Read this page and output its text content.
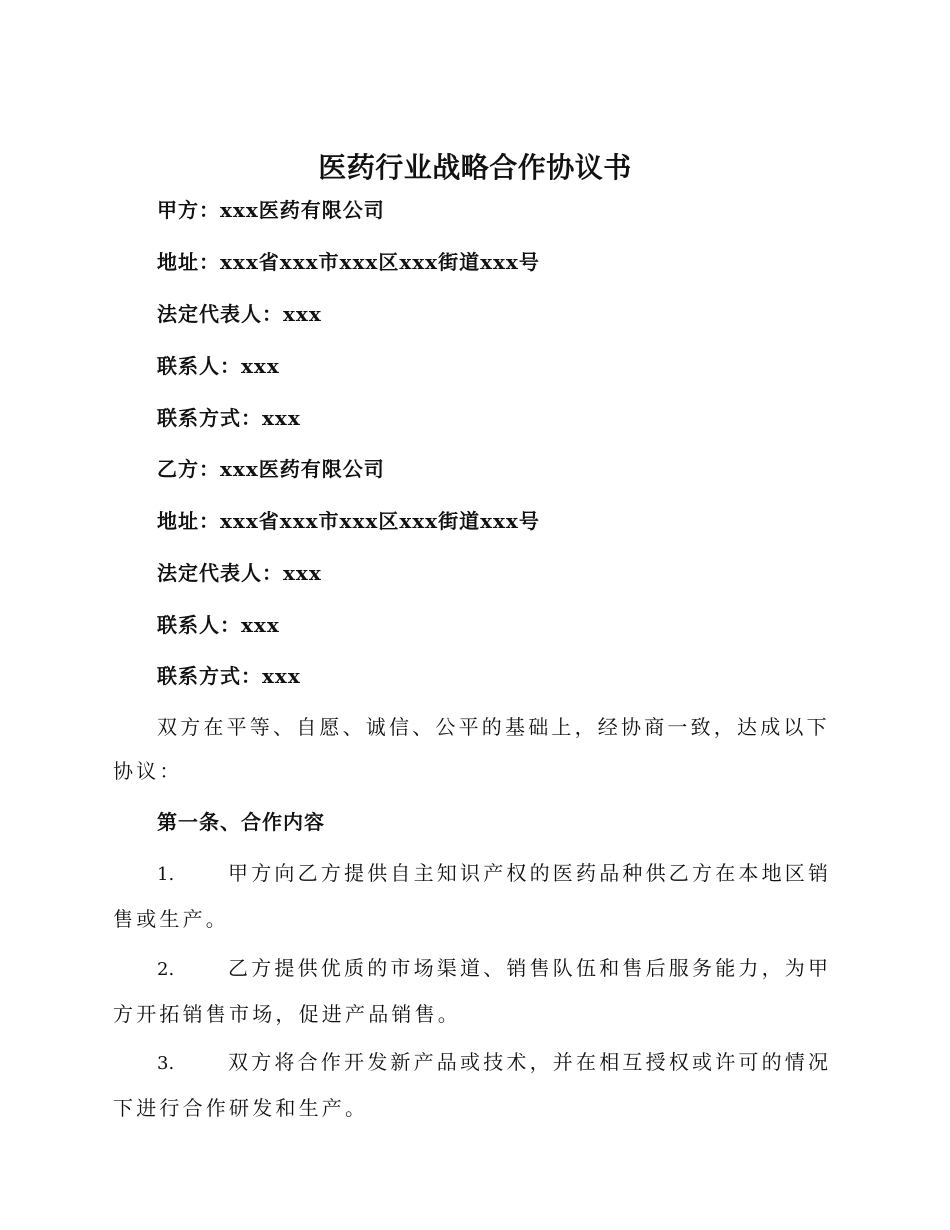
医药行业战略合作协议书
甲方：xxx医药有限公司
地址：xxx省xxx市xxx区xxx街道xxx号
法定代表人：xxx
联系人：xxx
联系方式：xxx
乙方：xxx医药有限公司
地址：xxx省xxx市xxx区xxx街道xxx号
法定代表人：xxx
联系人：xxx
联系方式：xxx
双方在平等、自愿、诚信、公平的基础上，经协商一致，达成以下协议：
第一条、合作内容
1.	甲方向乙方提供自主知识产权的医药品种供乙方在本地区销售或生产。
2.	乙方提供优质的市场渠道、销售队伍和售后服务能力，为甲方开拓销售市场，促进产品销售。
3.	双方将合作开发新产品或技术，并在相互授权或许可的情况下进行合作研发和生产。
